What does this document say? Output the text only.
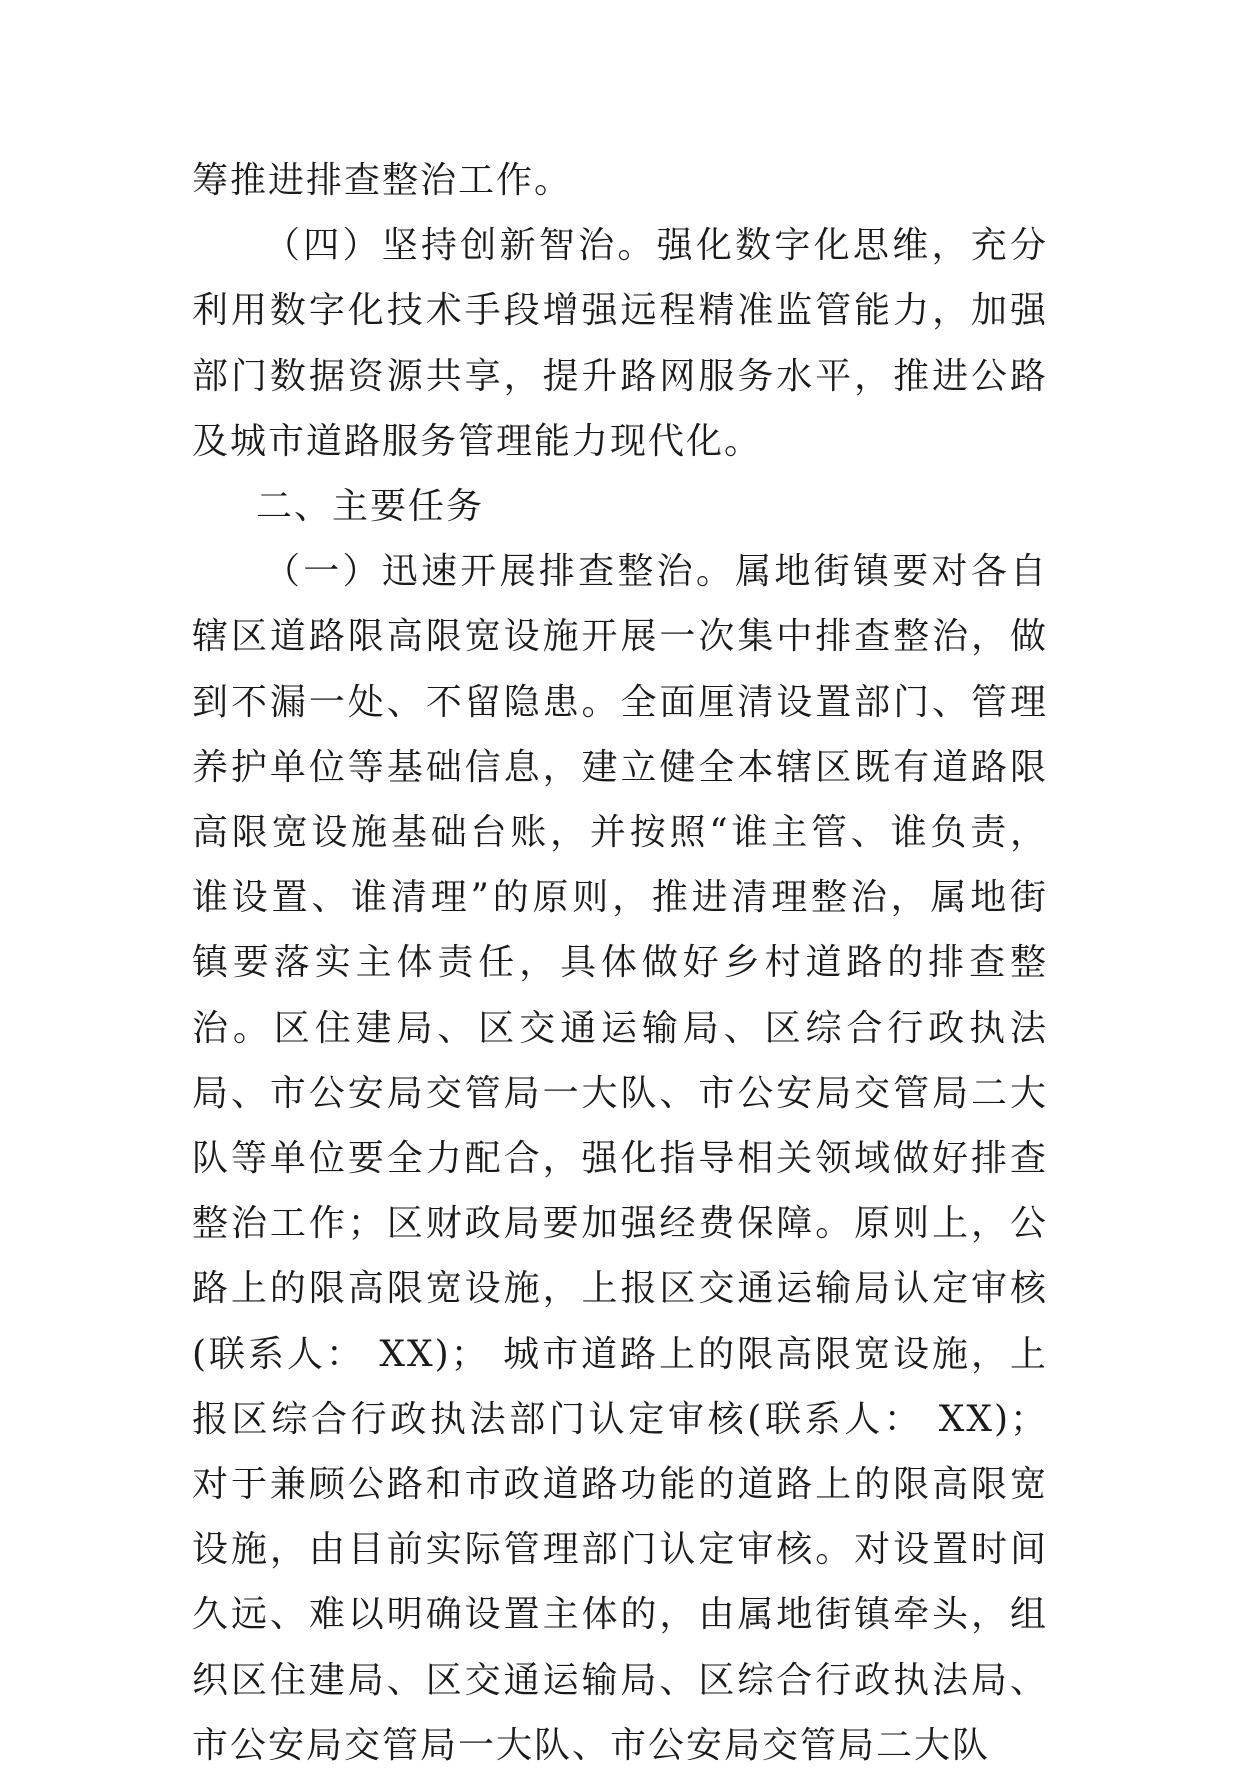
筹推进排查整治工作。

（四）坚持创新智治。强化数字化思维，充分利用数字化技术手段增强远程精准监管能力，加强部门数据资源共享，提升路网服务水平，推进公路及城市道路服务管理能力现代化。

二、主要任务

（一）迅速开展排查整治。属地街镇要对各自辖区道路限高限宽设施开展一次集中排查整治，做到不漏一处、不留隐患。全面厘清设置部门、管理养护单位等基础信息，建立健全本辖区既有道路限高限宽设施基础台账，并按照“谁主管、谁负责，谁设置、谁清理”的原则，推进清理整治，属地街镇要落实主体责任，具体做好乡村道路的排查整治。区住建局、区交通运输局、区综合行政执法局、市公安局交管局一大队、市公安局交管局二大队等单位要全力配合，强化指导相关领域做好排查整治工作；区财政局要加强经费保障。原则上，公路上的限高限宽设施，上报区交通运输局认定审核(联系人： XX)； 城市道路上的限高限宽设施，上报区综合行政执法部门认定审核(联系人： XX)； 对于兼顾公路和市政道路功能的道路上的限高限宽设施，由目前实际管理部门认定审核。对设置时间久远、难以明确设置主体的，由属地街镇牵头，组织区住建局、区交通运输局、区综合行政执法局、市公安局交管局一大队、市公安局交管局二大队
